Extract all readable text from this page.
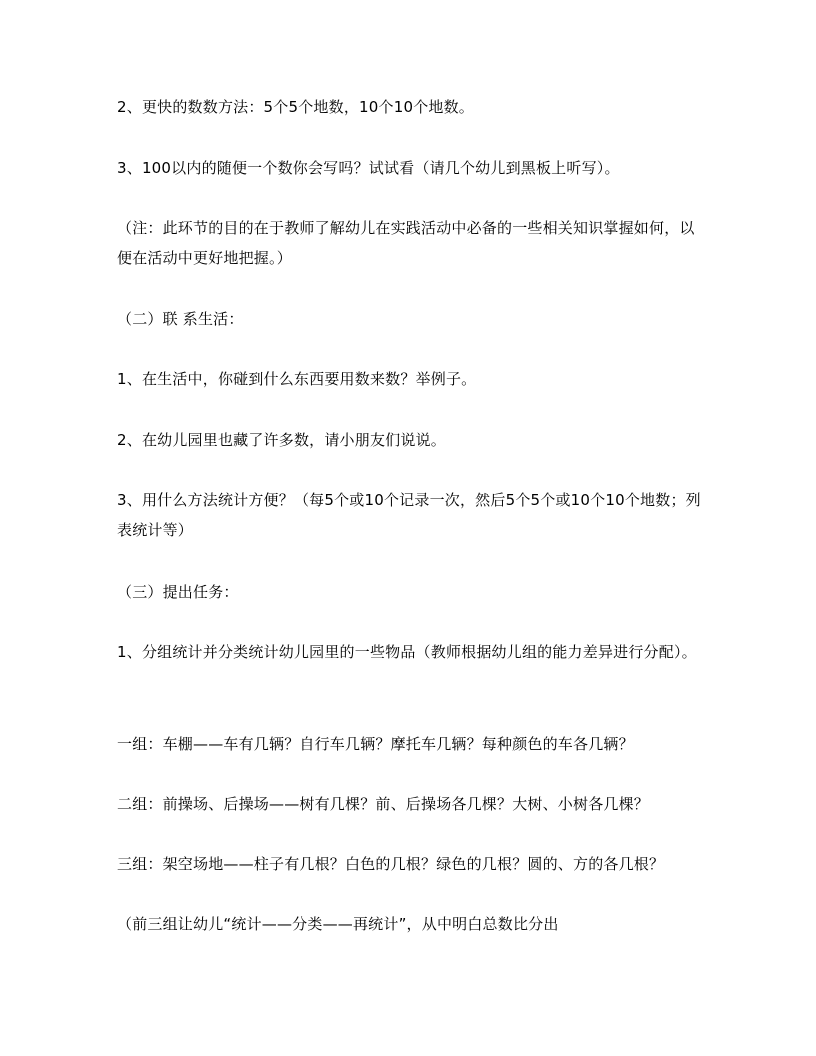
2、更快的数数方法：5个5个地数，10个10个地数。

3、100以内的随便一个数你会写吗？试试看（请几个幼儿到黑板上听写）。

（注：此环节的目的在于教师了解幼儿在实践活动中必备的一些相关知识掌握如何，以便在活动中更好地把握。）

（二）联 系生活：

1、在生活中，你碰到什么东西要用数来数？举例子。

2、在幼儿园里也藏了许多数，请小朋友们说说。

3、用什么方法统计方便？（每5个或10个记录一次，然后5个5个或10个10个地数；列表统计等）

（三）提出任务：

1、分组统计并分类统计幼儿园里的一些物品（教师根据幼儿组的能力差异进行分配）。

一组：车棚——车有几辆？自行车几辆？摩托车几辆？每种颜色的车各几辆？

二组：前操场、后操场——树有几棵？前、后操场各几棵？大树、小树各几棵？

三组：架空场地——柱子有几根？白色的几根？绿色的几根？圆的、方的各几根？

（前三组让幼儿“统计——分类——再统计”，从中明白总数比分出
